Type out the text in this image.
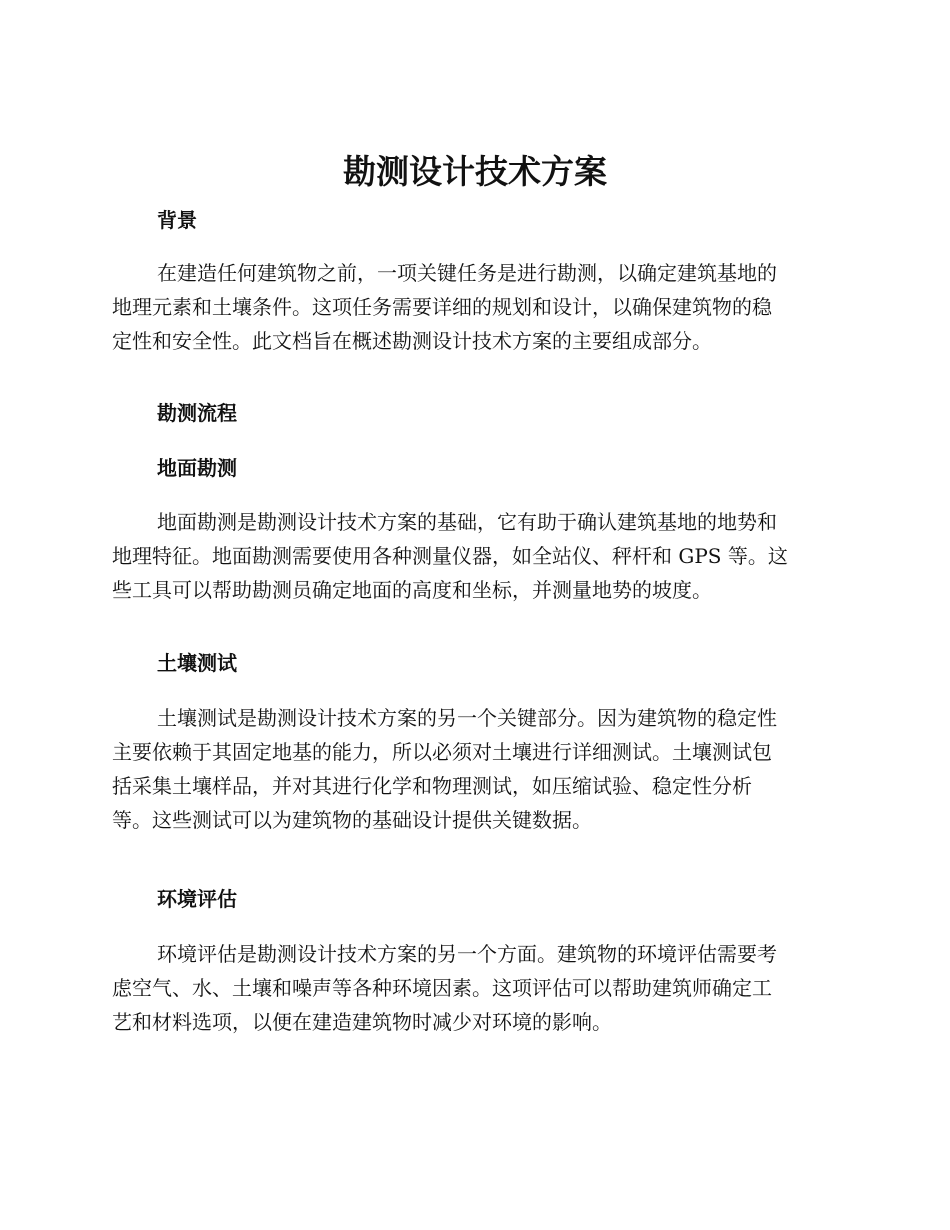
勘测设计技术方案
背景

在建造任何建筑物之前，一项关键任务是进行勘测，以确定建筑基地的
地理元素和土壤条件。这项任务需要详细的规划和设计，以确保建筑物的稳
定性和安全性。此文档旨在概述勘测设计技术方案的主要组成部分。

勘测流程
地面勘测

地面勘测是勘测设计技术方案的基础，它有助于确认建筑基地的地势和
地理特征。地面勘测需要使用各种测量仪器，如全站仪、秤杆和 GPS 等。这
些工具可以帮助勘测员确定地面的高度和坐标，并测量地势的坡度。

土壤测试

土壤测试是勘测设计技术方案的另一个关键部分。因为建筑物的稳定性
主要依赖于其固定地基的能力，所以必须对土壤进行详细测试。土壤测试包
括采集土壤样品，并对其进行化学和物理测试，如压缩试验、稳定性分析
等。这些测试可以为建筑物的基础设计提供关键数据。

环境评估

环境评估是勘测设计技术方案的另一个方面。建筑物的环境评估需要考
虑空气、水、土壤和噪声等各种环境因素。这项评估可以帮助建筑师确定工
艺和材料选项，以便在建造建筑物时减少对环境的影响。
